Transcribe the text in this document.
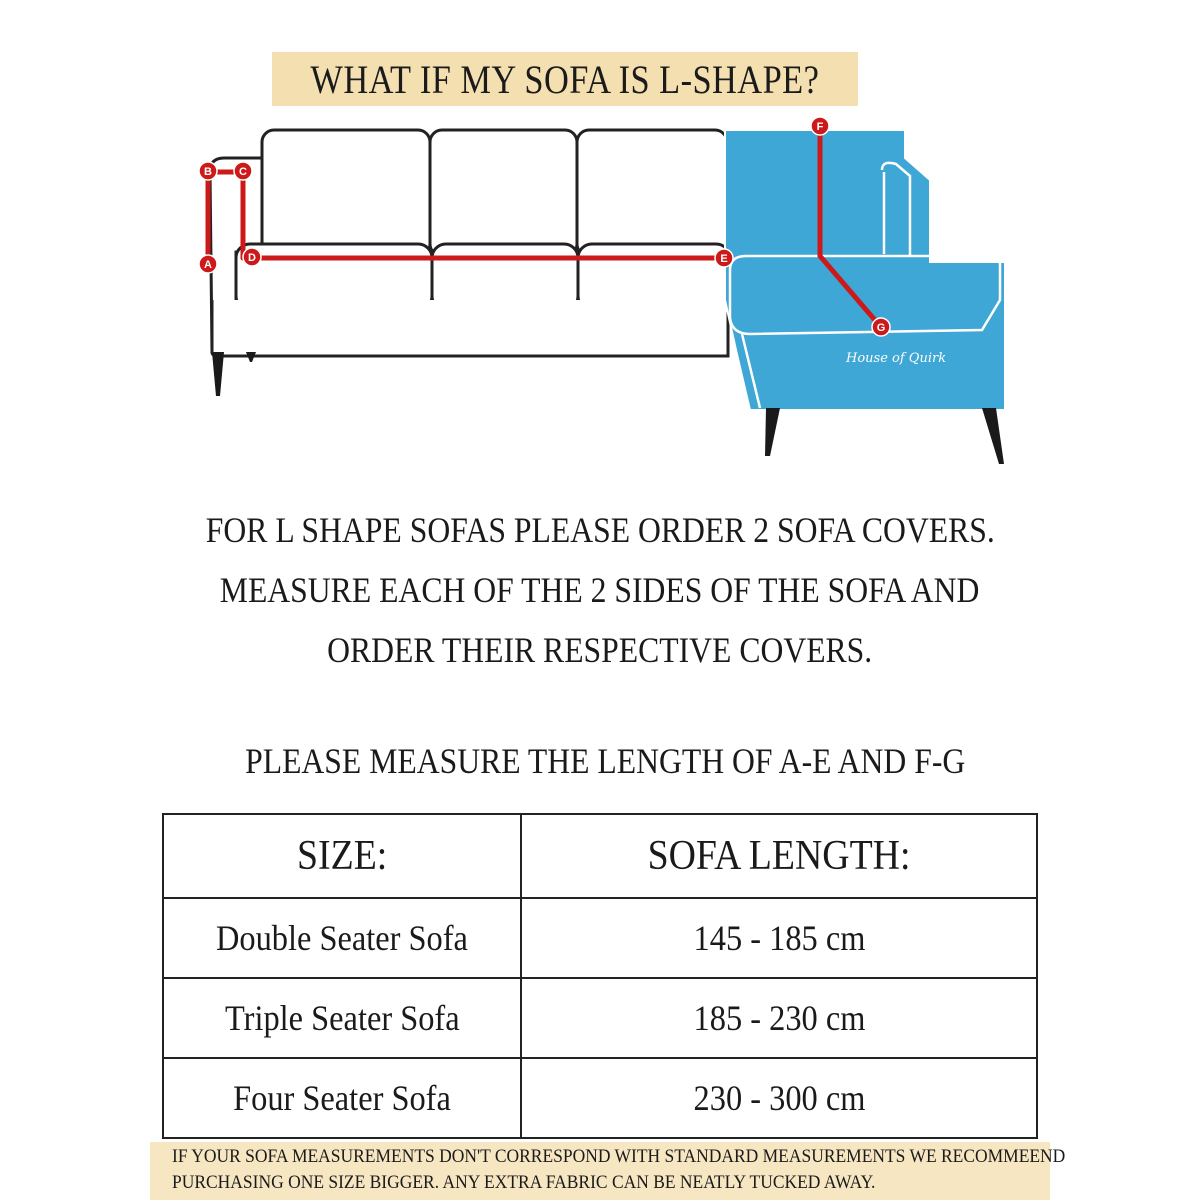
WHAT IF MY SOFA IS L-SHAPE?
House of Quirk
A
B C
D	E
F
G
FOR L SHAPE SOFAS PLEASE ORDER 2 SOFA COVERS.
MEASURE EACH OF THE 2 SIDES OF THE SOFA AND
ORDER THEIR RESPECTIVE COVERS.
PLEASE MEASURE THE LENGTH OF A-E AND F-G
SIZE:	SOFA LENGTH:
Double Seater Sofa	145 - 185 cm
Triple Seater Sofa	185 - 230 cm
Four Seater Sofa	230 - 300 cm
IF YOUR SOFA MEASUREMENTS DON'T CORRESPOND WITH STANDARD MEASUREMENTS WE RECOMMEEND
PURCHASING ONE SIZE BIGGER. ANY EXTRA FABRIC CAN BE NEATLY TUCKED AWAY.
